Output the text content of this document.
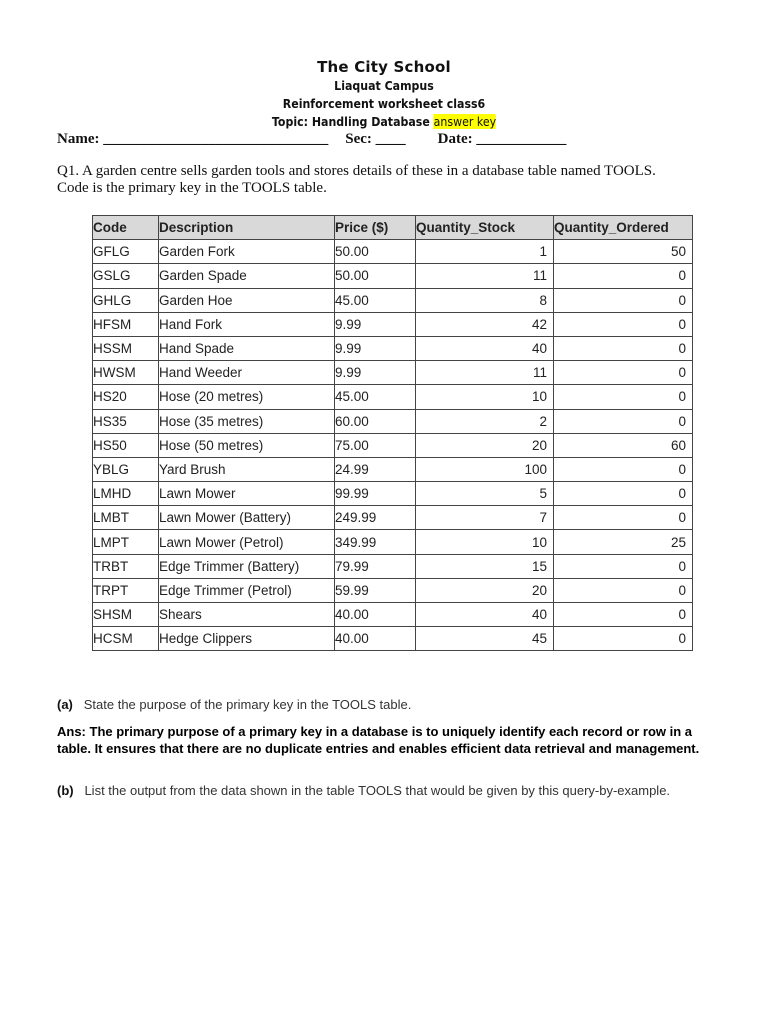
The City School
Liaquat Campus
Reinforcement worksheet class6
Topic: Handling Database answer key
Name: ______________________________ Sec: ____ Date: ____________
Q1. A garden centre sells garden tools and stores details of these in a database table named TOOLS.
Code is the primary key in the TOOLS table.
Code	Description	Price ($)	Quantity_Stock	Quantity_Ordered
GFLG	Garden Fork	50.00	1	50
GSLG	Garden Spade	50.00	11	0
GHLG	Garden Hoe	45.00	8	0
HFSM	Hand Fork	9.99	42	0
HSSM	Hand Spade	9.99	40	0
HWSM	Hand Weeder	9.99	11	0
HS20	Hose (20 metres)	45.00	10	0
HS35	Hose (35 metres)	60.00	2	0
HS50	Hose (50 metres)	75.00	20	60
YBLG	Yard Brush	24.99	100	0
LMHD	Lawn Mower	99.99	5	0
LMBT	Lawn Mower (Battery)	249.99	7	0
LMPT	Lawn Mower (Petrol)	349.99	10	25
TRBT	Edge Trimmer (Battery)	79.99	15	0
TRPT	Edge Trimmer (Petrol)	59.99	20	0
SHSM	Shears	40.00	40	0
HCSM	Hedge Clippers	40.00	45	0
(a) State the purpose of the primary key in the TOOLS table.
Ans: The primary purpose of a primary key in a database is to uniquely identify each record or row in a table. It ensures that there are no duplicate entries and enables efficient data retrieval and management.
(b) List the output from the data shown in the table TOOLS that would be given by this query-by-example.
